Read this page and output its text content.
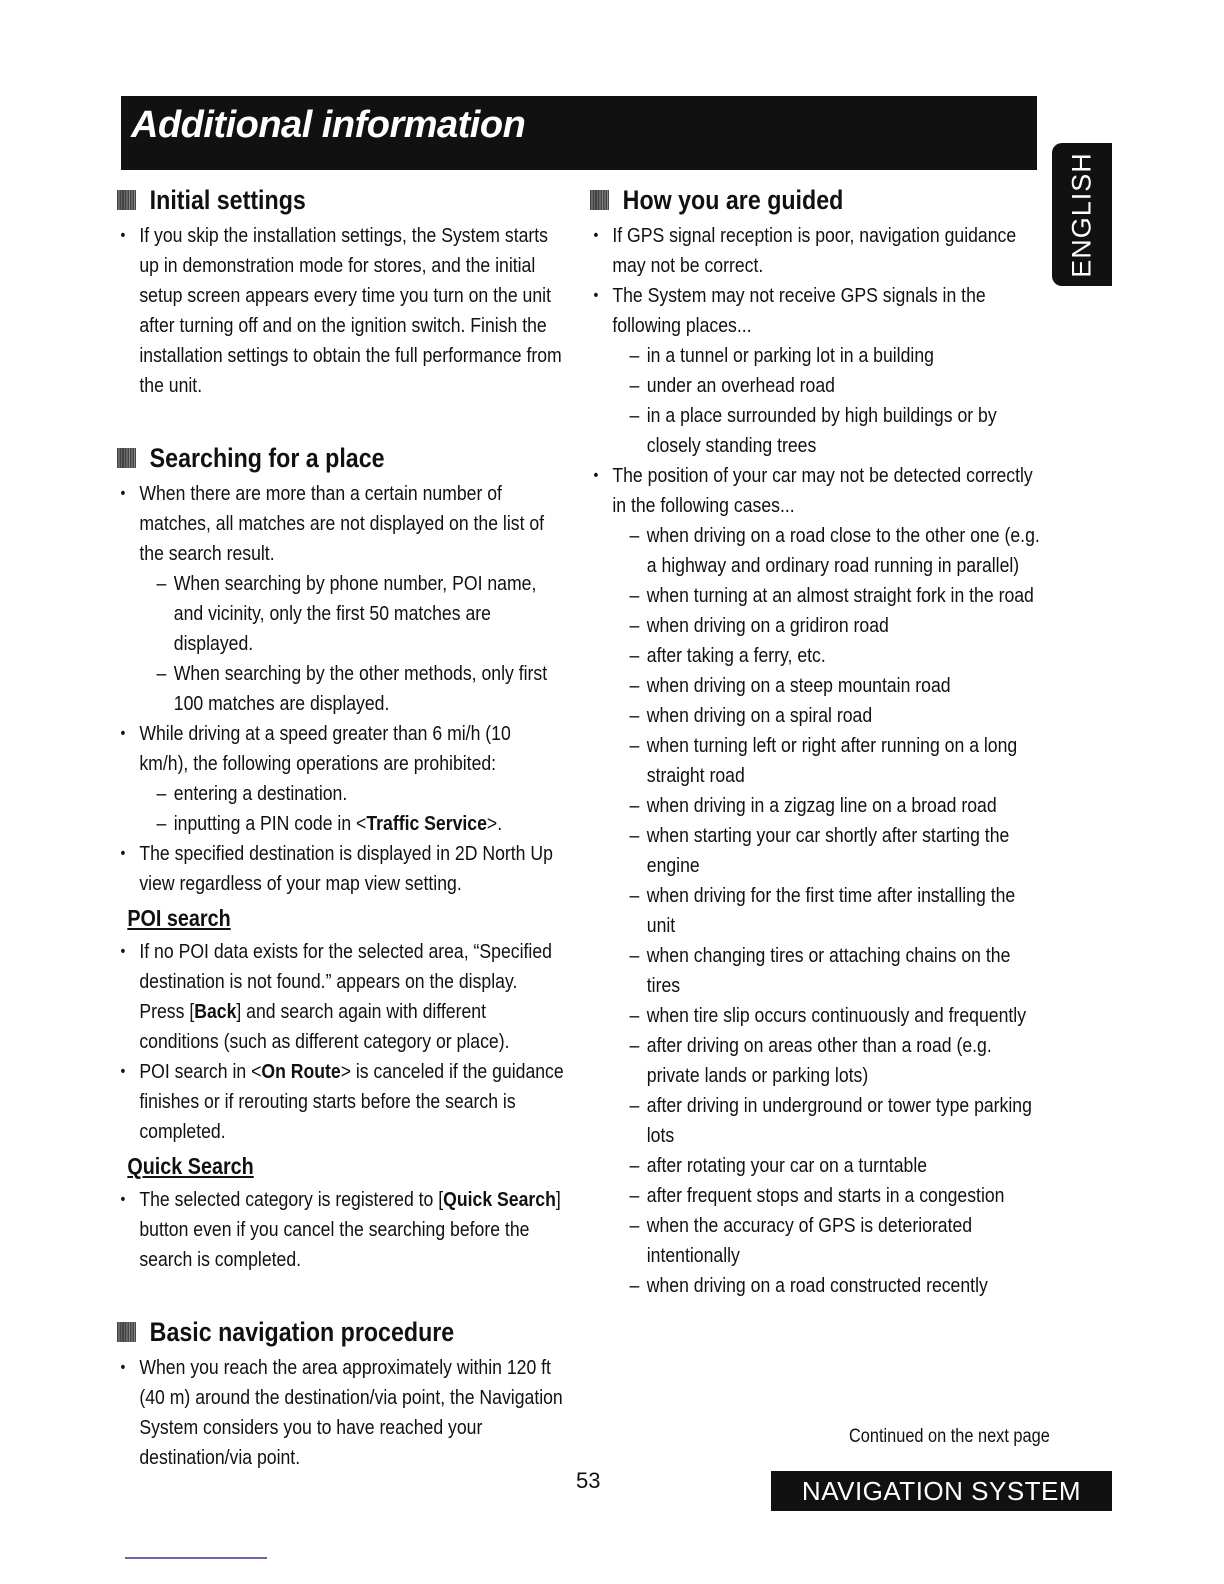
Additional information
ENGLISH
Initial settings
• If you skip the installation settings, the System starts up in demonstration mode for stores, and the initial setup screen appears every time you turn on the unit after turning off and on the ignition switch. Finish the installation settings to obtain the full performance from the unit.
Searching for a place
• When there are more than a certain number of matches, all matches are not displayed on the list of the search result.
– When searching by phone number, POI name, and vicinity, only the first 50 matches are displayed.
– When searching by the other methods, only first 100 matches are displayed.
• While driving at a speed greater than 6 mi/h (10 km/h), the following operations are prohibited:
– entering a destination.
– inputting a PIN code in <Traffic Service>.
• The specified destination is displayed in 2D North Up view regardless of your map view setting.
POI search
• If no POI data exists for the selected area, “Specified destination is not found.” appears on the display. Press [Back] and search again with different conditions (such as different category or place).
• POI search in <On Route> is canceled if the guidance finishes or if rerouting starts before the search is completed.
Quick Search
• The selected category is registered to [Quick Search] button even if you cancel the searching before the search is completed.
Basic navigation procedure
• When you reach the area approximately within 120 ft (40 m) around the destination/via point, the Navigation System considers you to have reached your destination/via point.
How you are guided
• If GPS signal reception is poor, navigation guidance may not be correct.
• The System may not receive GPS signals in the following places...
– in a tunnel or parking lot in a building
– under an overhead road
– in a place surrounded by high buildings or by closely standing trees
• The position of your car may not be detected correctly in the following cases...
– when driving on a road close to the other one (e.g. a highway and ordinary road running in parallel)
– when turning at an almost straight fork in the road
– when driving on a gridiron road
– after taking a ferry, etc.
– when driving on a steep mountain road
– when driving on a spiral road
– when turning left or right after running on a long straight road
– when driving in a zigzag line on a broad road
– when starting your car shortly after starting the engine
– when driving for the first time after installing the unit
– when changing tires or attaching chains on the tires
– when tire slip occurs continuously and frequently
– after driving on areas other than a road (e.g. private lands or parking lots)
– after driving in underground or tower type parking lots
– after rotating your car on a turntable
– after frequent stops and starts in a congestion
– when the accuracy of GPS is deteriorated intentionally
– when driving on a road constructed recently
Continued on the next page
53	NAVIGATION SYSTEM
